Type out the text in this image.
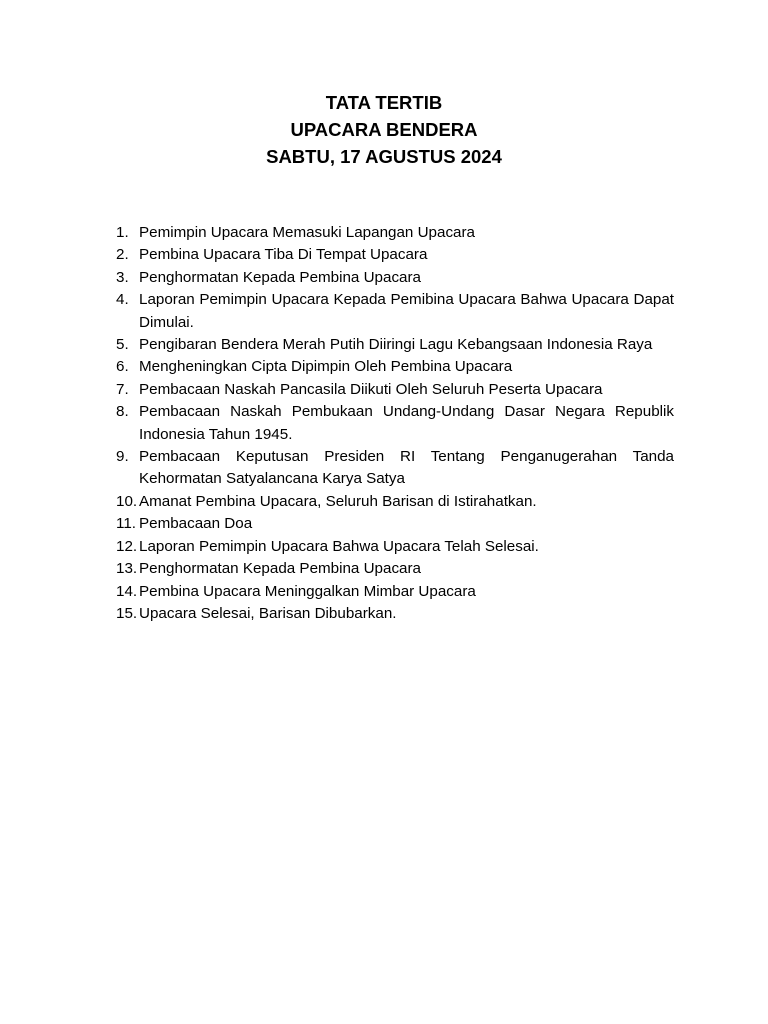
TATA TERTIB
UPACARA BENDERA
SABTU, 17 AGUSTUS 2024
1. Pemimpin Upacara Memasuki Lapangan Upacara
2. Pembina Upacara Tiba Di Tempat Upacara
3. Penghormatan Kepada Pembina Upacara
4. Laporan Pemimpin Upacara Kepada Pemibina Upacara Bahwa Upacara Dapat Dimulai.
5. Pengibaran Bendera Merah Putih Diiringi Lagu Kebangsaan Indonesia Raya
6. Mengheningkan Cipta Dipimpin Oleh Pembina Upacara
7. Pembacaan Naskah Pancasila Diikuti Oleh Seluruh Peserta Upacara
8. Pembacaan Naskah Pembukaan Undang-Undang Dasar Negara Republik Indonesia Tahun 1945.
9. Pembacaan Keputusan Presiden RI Tentang Penganugerahan Tanda Kehormatan Satyalancana Karya Satya
10. Amanat Pembina Upacara, Seluruh Barisan di Istirahatkan.
11. Pembacaan Doa
12. Laporan Pemimpin Upacara Bahwa Upacara Telah Selesai.
13. Penghormatan Kepada Pembina Upacara
14. Pembina Upacara Meninggalkan Mimbar Upacara
15. Upacara Selesai, Barisan Dibubarkan.
